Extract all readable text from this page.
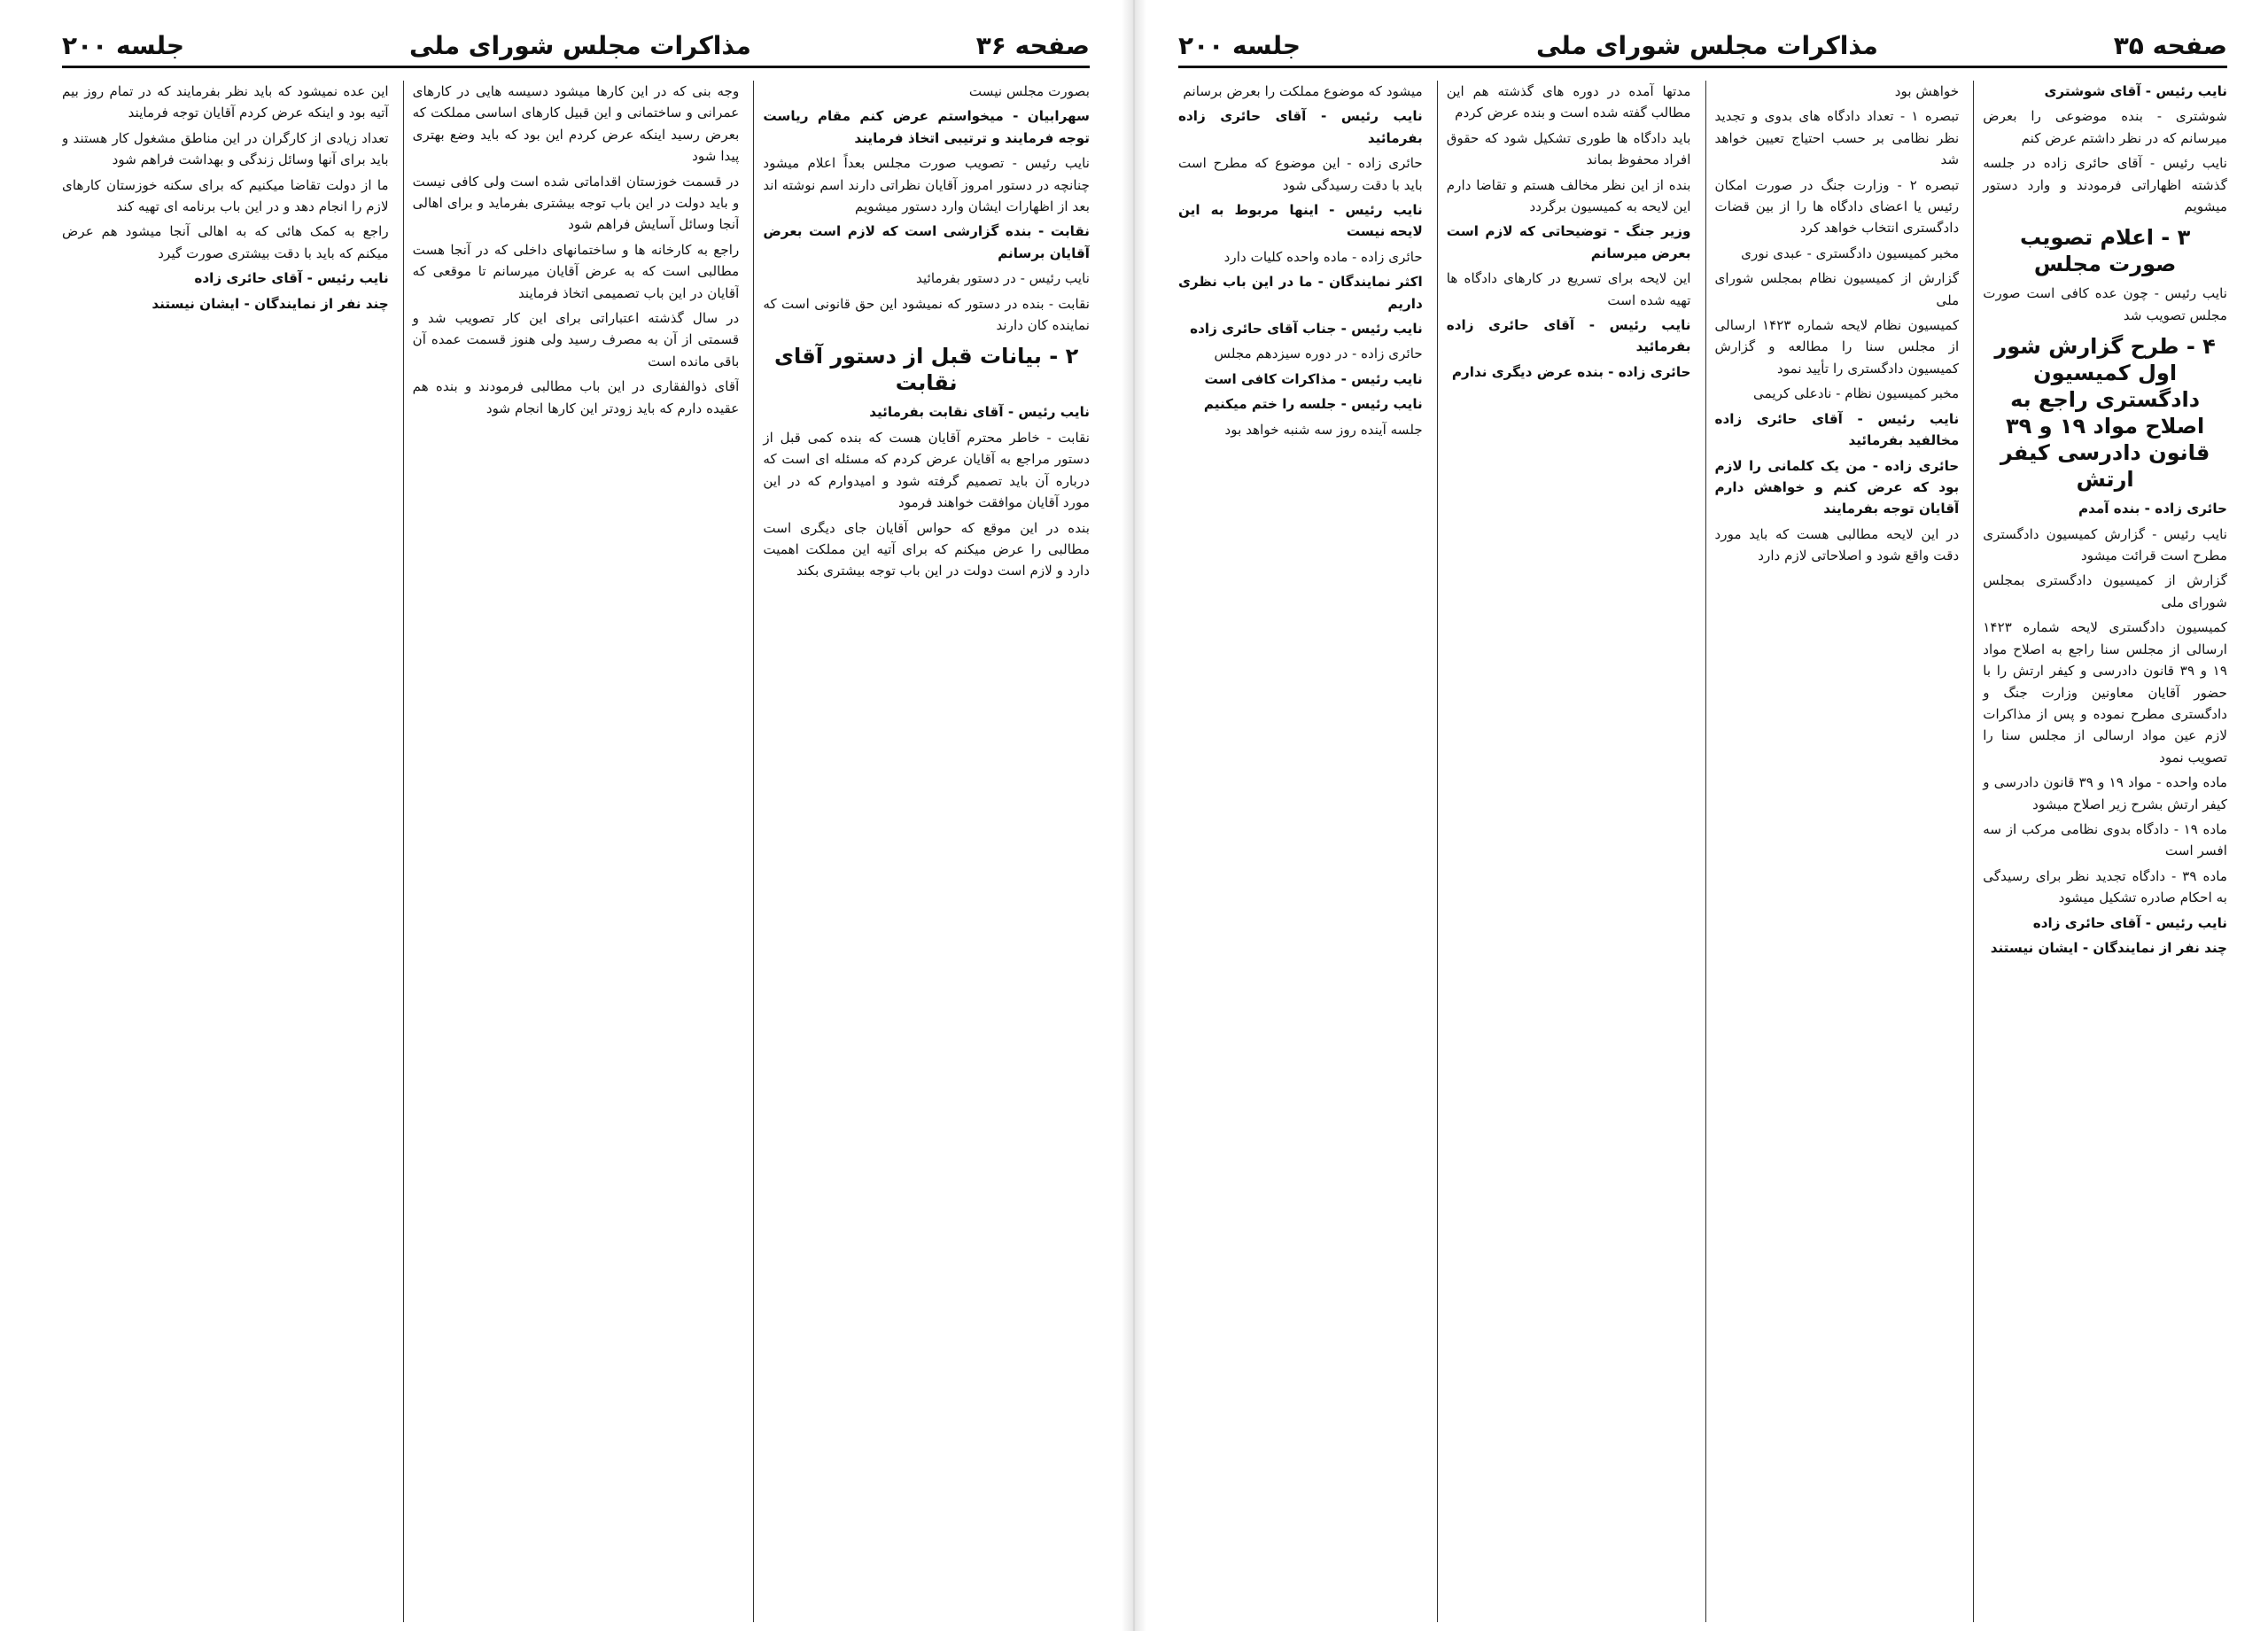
صفحه ۳۶
مذاکرات مجلس شورای ملی
جلسه ۲۰۰

بصورت مجلس نیست

سهرابیان - میخواستم عرض کنم مقام ریاست توجه فرمایند و ترتیبی اتخاذ فرمایند

نایب رئیس - تصویب صورت مجلس بعداً اعلام میشود چنانچه در دستور امروز آقایان نظراتی دارند اسم نوشته اند بعد از اظهارات ایشان وارد دستور میشویم

نقابت - بنده گزارشی است که لازم است بعرض آقایان برسانم

نایب رئیس - در دستور بفرمائید

نقابت - بنده در دستور که نمیشود این حق قانونی است که نماینده کان دارند

۲ - بیانات قبل از دستور آقای نقابت

نایب رئیس - آقای نقابت بفرمائید

نقابت - خاطر محترم آقایان هست که بنده کمی قبل از دستور مراجع به آقایان عرض کردم که مسئله ای است که درباره آن باید تصمیم گرفته شود و امیدوارم که در این مورد آقایان موافقت خواهند فرمود

بنده در این موقع که حواس آقایان جای دیگری است مطالبی را عرض میکنم که برای آتیه این مملکت اهمیت دارد و لازم است دولت در این باب توجه بیشتری بکند

وجه بنی که در این کارها میشود دسیسه هایی در کارهای عمرانی و ساختمانی و این قبیل کارهای اساسی مملکت که بعرض رسید اینکه عرض کردم این بود که باید وضع بهتری پیدا شود

در قسمت خوزستان اقداماتی شده است ولی کافی نیست و باید دولت در این باب توجه بیشتری بفرماید و برای اهالی آنجا وسائل آسایش فراهم شود

راجع به کارخانه ها و ساختمانهای داخلی که در آنجا هست مطالبی است که به عرض آقایان میرسانم تا موقعی که آقایان در این باب تصمیمی اتخاذ فرمایند

در سال گذشته اعتباراتی برای این کار تصویب شد و قسمتی از آن به مصرف رسید ولی هنوز قسمت عمده آن باقی مانده است

آقای ذوالفقاری در این باب مطالبی فرمودند و بنده هم عقیده دارم که باید زودتر این کارها انجام شود

این عده نمیشود که باید نظر بفرمایند که در تمام روز بیم آتیه بود و اینکه عرض کردم آقایان توجه فرمایند

تعداد زیادی از کارگران در این مناطق مشغول کار هستند و باید برای آنها وسائل زندگی و بهداشت فراهم شود

ما از دولت تقاضا میکنیم که برای سکنه خوزستان کارهای لازم را انجام دهد و در این باب برنامه ای تهیه کند

راجع به کمک هائی که به اهالی آنجا میشود هم عرض میکنم که باید با دقت بیشتری صورت گیرد

نایب رئیس - آقای حائری زاده

چند نفر از نمایندگان - ایشان نیستند

صفحه ۳۵
مذاکرات مجلس شورای ملی
جلسه ۲۰۰

نایب رئیس - آقای شوشتری

شوشتری - بنده موضوعی را بعرض میرسانم که در نظر داشتم عرض کنم

نایب رئیس - آقای حائری زاده در جلسه گذشته اظهاراتی فرمودند و وارد دستور میشویم

۳ - اعلام تصویب صورت مجلس

نایب رئیس - چون عده کافی است صورت مجلس تصویب شد

۴ - طرح گزارش شور اول کمیسیون دادگستری راجع به اصلاح مواد ۱۹ و ۳۹ قانون دادرسی کیفر ارتش

حائری زاده - بنده آمدم

نایب رئیس - گزارش کمیسیون دادگستری مطرح است قرائت میشود

گزارش از کمیسیون دادگستری بمجلس شورای ملی

کمیسیون دادگستری لایحه شماره ۱۴۲۳ ارسالی از مجلس سنا راجع به اصلاح مواد ۱۹ و ۳۹ قانون دادرسی و کیفر ارتش را با حضور آقایان معاونین وزارت جنگ و دادگستری مطرح نموده و پس از مذاکرات لازم عین مواد ارسالی از مجلس سنا را تصویب نمود

ماده واحده - مواد ۱۹ و ۳۹ قانون دادرسی و کیفر ارتش بشرح زیر اصلاح میشود

ماده ۱۹ - دادگاه بدوی نظامی مرکب از سه افسر است

ماده ۳۹ - دادگاه تجدید نظر برای رسیدگی به احکام صادره تشکیل میشود

نایب رئیس - آقای حائری زاده

چند نفر از نمایندگان - ایشان نیستند

خواهش بود

تبصره ۱ - تعداد دادگاه های بدوی و تجدید نظر نظامی بر حسب احتیاج تعیین خواهد شد

تبصره ۲ - وزارت جنگ در صورت امکان رئیس یا اعضای دادگاه ها را از بین قضات دادگستری انتخاب خواهد کرد

مخبر کمیسیون دادگستری - عبدی نوری

گزارش از کمیسیون نظام بمجلس شورای ملی

کمیسیون نظام لایحه شماره ۱۴۲۳ ارسالی از مجلس سنا را مطالعه و گزارش کمیسیون دادگستری را تأیید نمود

مخبر کمیسیون نظام - نادعلی کریمی

نایب رئیس - آقای حائری زاده مخالفید بفرمائید

حائری زاده - من یک کلمانی را لازم بود که عرض کنم و خواهش دارم آقایان توجه بفرمایند

در این لایحه مطالبی هست که باید مورد دقت واقع شود و اصلاحاتی لازم دارد

مدتها آمده در دوره های گذشته هم این مطالب گفته شده است و بنده عرض کردم

باید دادگاه ها طوری تشکیل شود که حقوق افراد محفوظ بماند

بنده از این نظر مخالف هستم و تقاضا دارم این لایحه به کمیسیون برگردد

وزیر جنگ - توضیحاتی که لازم است بعرض میرسانم

این لایحه برای تسریع در کارهای دادگاه ها تهیه شده است

نایب رئیس - آقای حائری زاده بفرمائید

حائری زاده - بنده عرض دیگری ندارم

میشود که موضوع مملکت را بعرض برسانم

نایب رئیس - آقای حائری زاده بفرمائید

حائری زاده - این موضوع که مطرح است باید با دقت رسیدگی شود

نایب رئیس - اینها مربوط به این لایحه نیست

حائری زاده - ماده واحده کلیات دارد

اکثر نمایندگان - ما در این باب نظری داریم

نایب رئیس - جناب آقای حائری زاده

حائری زاده - در دوره سیزدهم مجلس

نایب رئیس - مذاکرات کافی است

نایب رئیس - جلسه را ختم میکنیم

جلسه آینده روز سه شنبه خواهد بود
